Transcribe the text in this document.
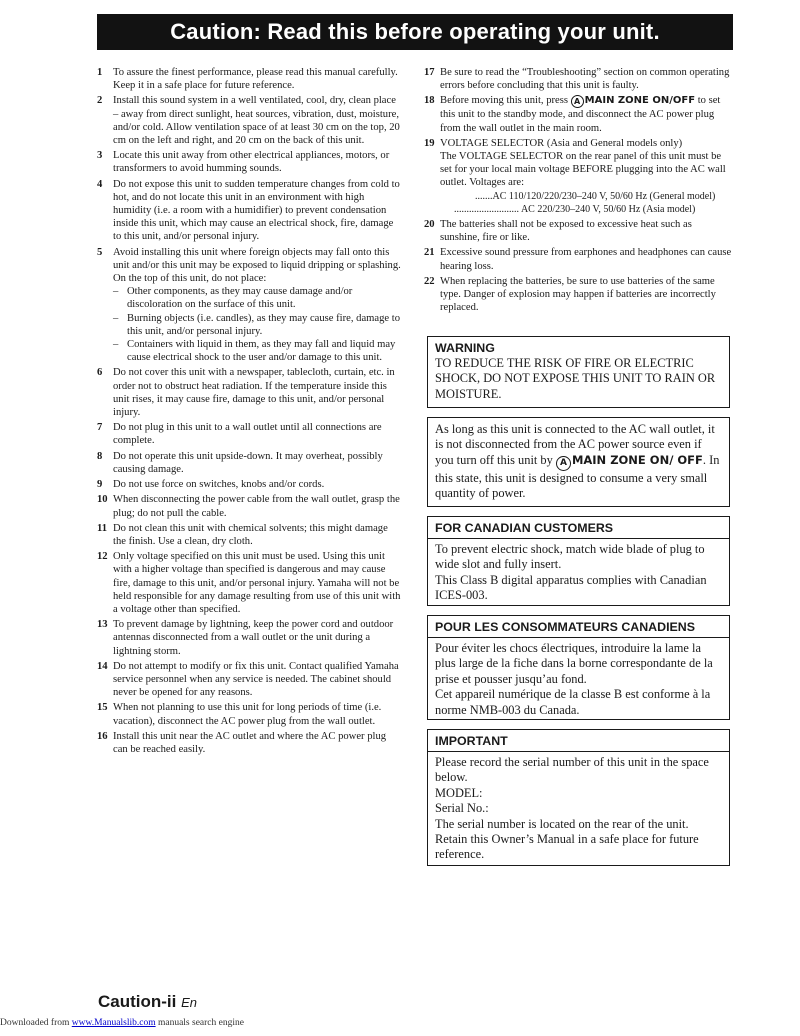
Caution: Read this before operating your unit.
1	To assure the finest performance, please read this manual carefully. Keep it in a safe place for future reference.
2	Install this sound system in a well ventilated, cool, dry, clean place – away from direct sunlight, heat sources, vibration, dust, moisture, and/or cold. Allow ventilation space of at least 30 cm on the top, 20 cm on the left and right, and 20 cm on the back of this unit.
3	Locate this unit away from other electrical appliances, motors, or transformers to avoid humming sounds.
4	Do not expose this unit to sudden temperature changes from cold to hot, and do not locate this unit in an environment with high humidity (i.e. a room with a humidifier) to prevent condensation inside this unit, which may cause an electrical shock, fire, damage to this unit, and/or personal injury.
5	Avoid installing this unit where foreign objects may fall onto this unit and/or this unit may be exposed to liquid dripping or splashing. On the top of this unit, do not place:
– Other components, as they may cause damage and/or discoloration on the surface of this unit.
– Burning objects (i.e. candles), as they may cause fire, damage to this unit, and/or personal injury.
– Containers with liquid in them, as they may fall and liquid may cause electrical shock to the user and/or damage to this unit.
6	Do not cover this unit with a newspaper, tablecloth, curtain, etc. in order not to obstruct heat radiation. If the temperature inside this unit rises, it may cause fire, damage to this unit, and/or personal injury.
7	Do not plug in this unit to a wall outlet until all connections are complete.
8	Do not operate this unit upside-down. It may overheat, possibly causing damage.
9	Do not use force on switches, knobs and/or cords.
10 When disconnecting the power cable from the wall outlet, grasp the plug; do not pull the cable.
11 Do not clean this unit with chemical solvents; this might damage the finish. Use a clean, dry cloth.
12 Only voltage specified on this unit must be used. Using this unit with a higher voltage than specified is dangerous and may cause fire, damage to this unit, and/or personal injury. Yamaha will not be held responsible for any damage resulting from use of this unit with a voltage other than specified.
13 To prevent damage by lightning, keep the power cord and outdoor antennas disconnected from a wall outlet or the unit during a lightning storm.
14 Do not attempt to modify or fix this unit. Contact qualified Yamaha service personnel when any service is needed. The cabinet should never be opened for any reasons.
15 When not planning to use this unit for long periods of time (i.e. vacation), disconnect the AC power plug from the wall outlet.
16 Install this unit near the AC outlet and where the AC power plug can be reached easily.
17 Be sure to read the “Troubleshooting” section on common operating errors before concluding that this unit is faulty.
18 Before moving this unit, press A MAIN ZONE ON/OFF to set this unit to the standby mode, and disconnect the AC power plug from the wall outlet in the main room.
19 VOLTAGE SELECTOR (Asia and General models only)
The VOLTAGE SELECTOR on the rear panel of this unit must be set for your local main voltage BEFORE plugging into the AC wall outlet. Voltages are:
.......AC 110/120/220/230–240 V, 50/60 Hz (General model)
.......................... AC 220/230–240 V, 50/60 Hz (Asia model)
20 The batteries shall not be exposed to excessive heat such as sunshine, fire or like.
21 Excessive sound pressure from earphones and headphones can cause hearing loss.
22 When replacing the batteries, be sure to use batteries of the same type. Danger of explosion may happen if batteries are incorrectly replaced.
WARNING
TO REDUCE THE RISK OF FIRE OR ELECTRIC SHOCK, DO NOT EXPOSE THIS UNIT TO RAIN OR MOISTURE.
As long as this unit is connected to the AC wall outlet, it is not disconnected from the AC power source even if you turn off this unit by A MAIN ZONE ON/ OFF. In this state, this unit is designed to consume a very small quantity of power.
FOR CANADIAN CUSTOMERS
To prevent electric shock, match wide blade of plug to wide slot and fully insert.
This Class B digital apparatus complies with Canadian ICES-003.
POUR LES CONSOMMATEURS CANADIENS
Pour éviter les chocs électriques, introduire la lame la plus large de la fiche dans la borne correspondante de la prise et pousser jusqu’au fond.
Cet appareil numérique de la classe B est conforme à la norme NMB-003 du Canada.
IMPORTANT
Please record the serial number of this unit in the space below.
MODEL:
Serial No.:
The serial number is located on the rear of the unit. Retain this Owner’s Manual in a safe place for future reference.
Caution-ii En
Downloaded from www.Manualslib.com manuals search engine
